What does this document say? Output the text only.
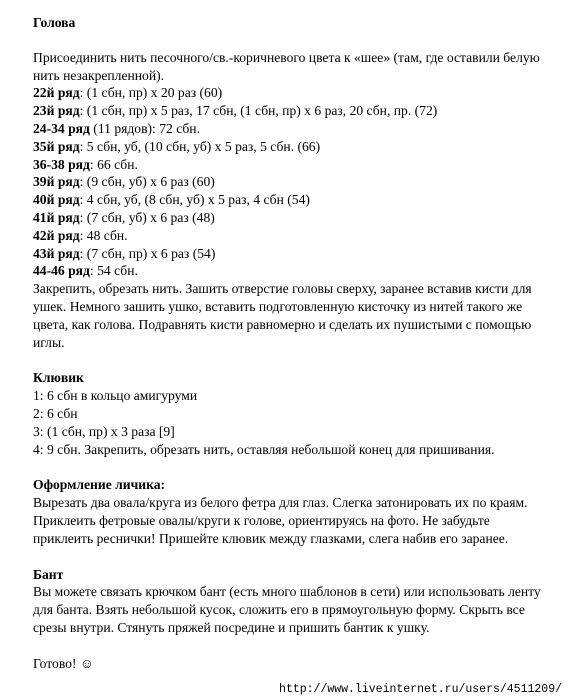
Голова

Присоединить нить песочного/св.-коричневого цвета к «шее» (там, где оставили белую нить незакрепленной).

22й ряд: (1 сбн, пр) х 20 раз (60)
23й ряд: (1 сбн, пр) х 5 раз, 17 сбн, (1 сбн, пр) х 6 раз, 20 сбн, пр. (72)
24-34 ряд (11 рядов): 72 сбн.
35й ряд: 5 сбн, уб, (10 сбн, уб) х 5 раз, 5 сбн. (66)
36-38 ряд: 66 сбн.
39й ряд: (9 сбн, уб) х 6 раз (60)
40й ряд: 4 сбн, уб, (8 сбн, уб) х 5 раз, 4 сбн (54)
41й ряд: (7 сбн, уб) х 6 раз (48)
42й ряд: 48 сбн.
43й ряд: (7 сбн, пр) х 6 раз (54)
44-46 ряд: 54 сбн.

Закрепить, обрезать нить. Зашить отверстие головы сверху, заранее вставив кисти для ушек. Немного зашить ушко, вставить подготовленную кисточку из нитей такого же цвета, как голова. Подравнять кисти равномерно и сделать их пушистыми с помощью иглы.

Клювик

1: 6 сбн в кольцо амигуруми
2: 6 сбн
3: (1 сбн, пр) х 3 раза [9]
4: 9 сбн. Закрепить, обрезать нить, оставляя небольшой конец для пришивания.

Оформление личика:

Вырезать два овала/круга из белого фетра для глаз. Слегка затонировать их по краям. Приклеить фетровые овалы/круги к голове, ориентируясь на фото. Не забудьте приклеить реснички! Пришейте клювик между глазками, слега набив его заранее.

Бант

Вы можете связать крючком бант (есть много шаблонов в сети) или использовать ленту для банта. Взять небольшой кусок, сложить его в прямоугольную форму. Скрыть все срезы внутри. Стянуть пряжей посредине и пришить бантик к ушку.

Готово! ☺

http://www.liveinternet.ru/users/4511209/
